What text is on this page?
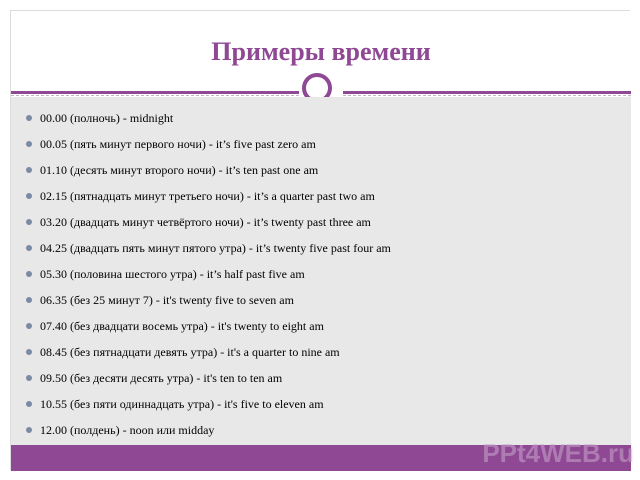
Примеры времени
00.00 (полночь) - midnight
00.05 (пять минут первого ночи) - it’s five past zero am
01.10 (десять минут второго ночи) - it’s ten past one am
02.15 (пятнадцать минут третьего ночи) - it’s a quarter past two am
03.20 (двадцать минут четвёртого ночи) - it’s twenty past three am
04.25 (двадцать пять минут пятого утра) - it’s twenty five past four am
05.30 (половина шестого утра) - it’s half past five am
06.35 (без 25 минут 7) - it's twenty five to seven am
07.40 (без двадцати восемь утра) - it's twenty to eight am
08.45 (без пятнадцати девять утра) - it's a quarter to nine am
09.50 (без десяти десять утра) - it's ten to ten am
10.55 (без пяти одиннадцать утра) - it's five to eleven am
12.00 (полдень) - noon или midday
PPt4WEB.ru
